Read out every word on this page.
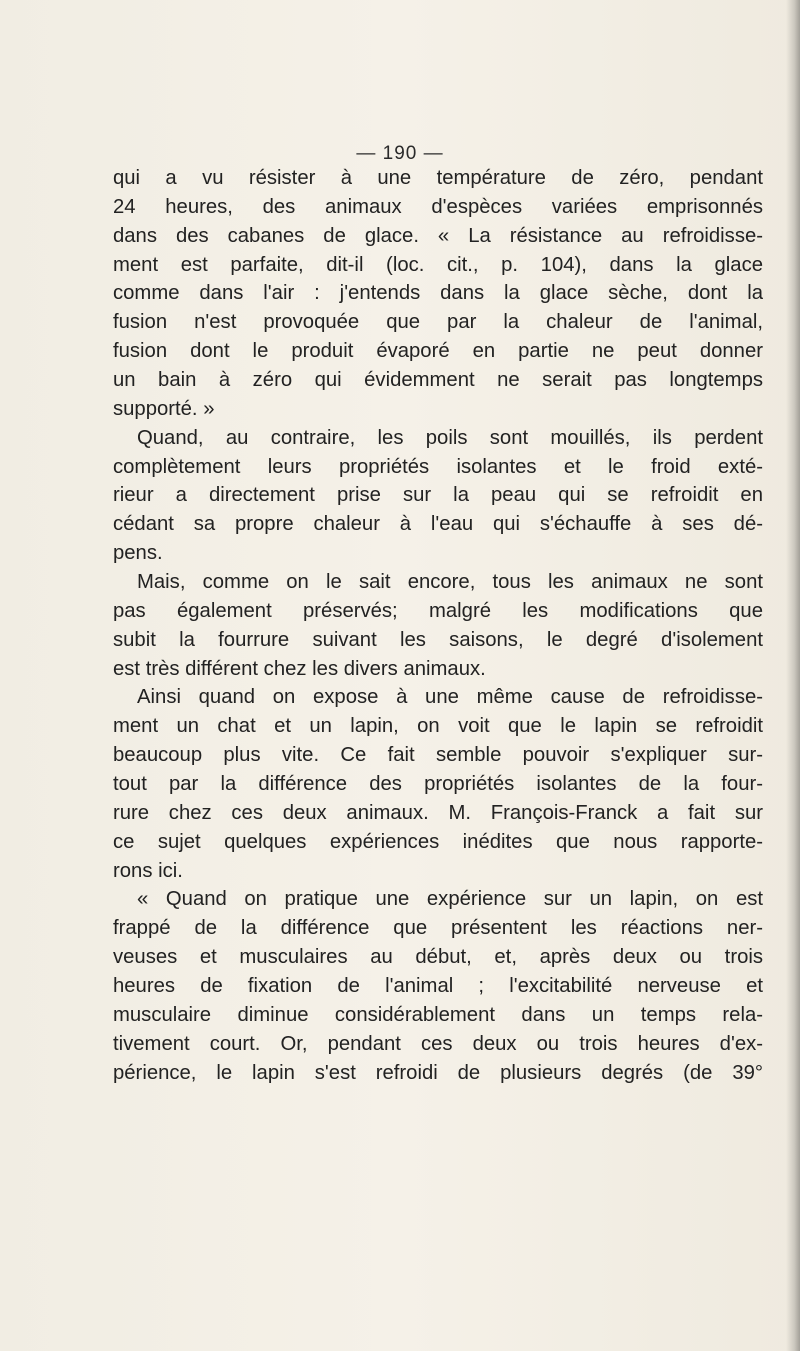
— 190 —
qui a vu résister à une température de zéro, pendant
24 heures, des animaux d'espèces variées emprisonnés
dans des cabanes de glace. « La résistance au refroidisse-
ment est parfaite, dit-il (loc. cit., p. 104), dans la glace
comme dans l'air : j'entends dans la glace sèche, dont la
fusion n'est provoquée que par la chaleur de l'animal,
fusion dont le produit évaporé en partie ne peut donner
un bain à zéro qui évidemment ne serait pas longtemps
supporté. »
Quand, au contraire, les poils sont mouillés, ils perdent
complètement leurs propriétés isolantes et le froid exté-
rieur a directement prise sur la peau qui se refroidit en
cédant sa propre chaleur à l'eau qui s'échauffe à ses dé-
pens.
Mais, comme on le sait encore, tous les animaux ne sont
pas également préservés; malgré les modifications que
subit la fourrure suivant les saisons, le degré d'isolement
est très différent chez les divers animaux.
Ainsi quand on expose à une même cause de refroidisse-
ment un chat et un lapin, on voit que le lapin se refroidit
beaucoup plus vite. Ce fait semble pouvoir s'expliquer sur-
tout par la différence des propriétés isolantes de la four-
rure chez ces deux animaux. M. François-Franck a fait sur
ce sujet quelques expériences inédites que nous rapporte-
rons ici.
« Quand on pratique une expérience sur un lapin, on est
frappé de la différence que présentent les réactions ner-
veuses et musculaires au début, et, après deux ou trois
heures de fixation de l'animal ; l'excitabilité nerveuse et
musculaire diminue considérablement dans un temps rela-
tivement court. Or, pendant ces deux ou trois heures d'ex-
périence, le lapin s'est refroidi de plusieurs degrés (de 39°
